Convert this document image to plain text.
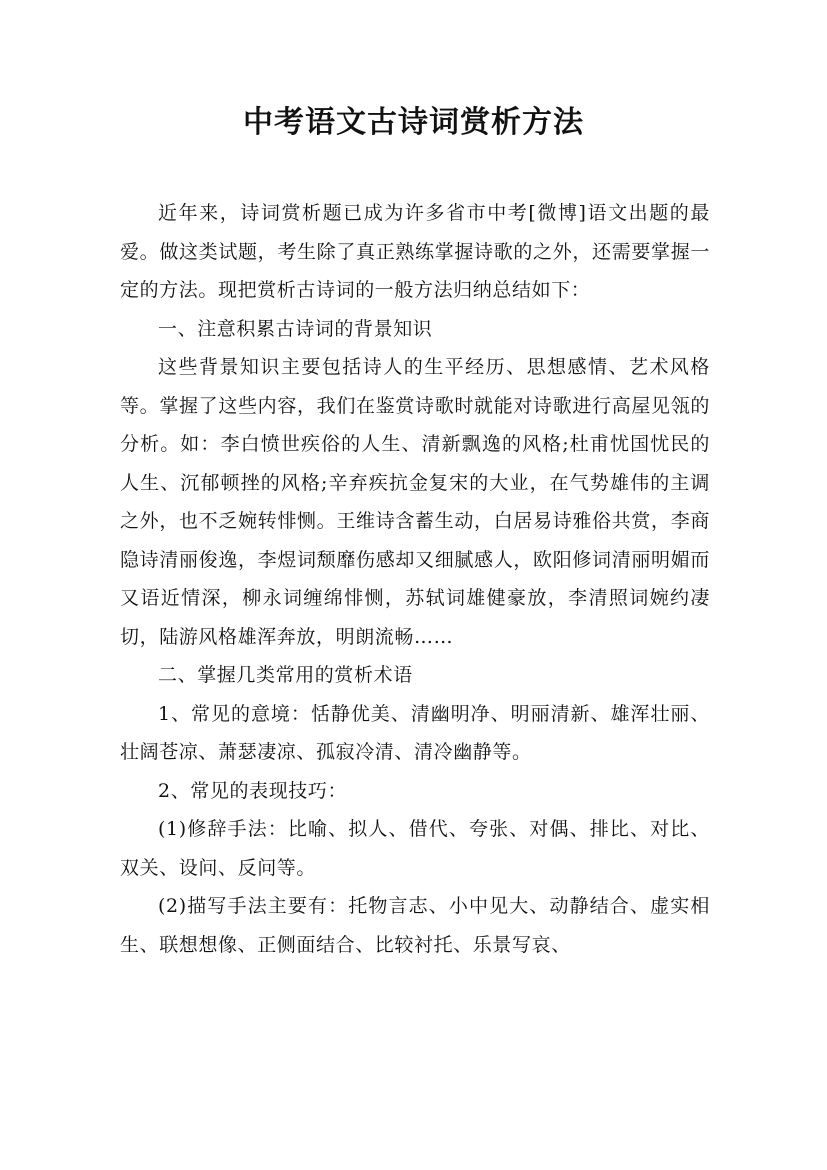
中考语文古诗词赏析方法

近年来，诗词赏析题已成为许多省市中考[微博]语文出题的最爱。做这类试题，考生除了真正熟练掌握诗歌的之外，还需要掌握一定的方法。现把赏析古诗词的一般方法归纳总结如下：

一、注意积累古诗词的背景知识

这些背景知识主要包括诗人的生平经历、思想感情、艺术风格等。掌握了这些内容，我们在鉴赏诗歌时就能对诗歌进行高屋见瓴的分析。如：李白愤世疾俗的人生、清新飘逸的风格;杜甫忧国忧民的人生、沉郁顿挫的风格;辛弃疾抗金复宋的大业，在气势雄伟的主调之外，也不乏婉转悱恻。王维诗含蓄生动，白居易诗雅俗共赏，李商隐诗清丽俊逸，李煜词颓靡伤感却又细腻感人，欧阳修词清丽明媚而又语近情深，柳永词缠绵悱恻，苏轼词雄健豪放，李清照词婉约凄切，陆游风格雄浑奔放，明朗流畅……

二、掌握几类常用的赏析术语

1、常见的意境：恬静优美、清幽明净、明丽清新、雄浑壮丽、壮阔苍凉、萧瑟凄凉、孤寂冷清、清冷幽静等。

2、常见的表现技巧：

(1)修辞手法：比喻、拟人、借代、夸张、对偶、排比、对比、双关、设问、反问等。

(2)描写手法主要有：托物言志、小中见大、动静结合、虚实相生、联想想像、正侧面结合、比较衬托、乐景写哀、
